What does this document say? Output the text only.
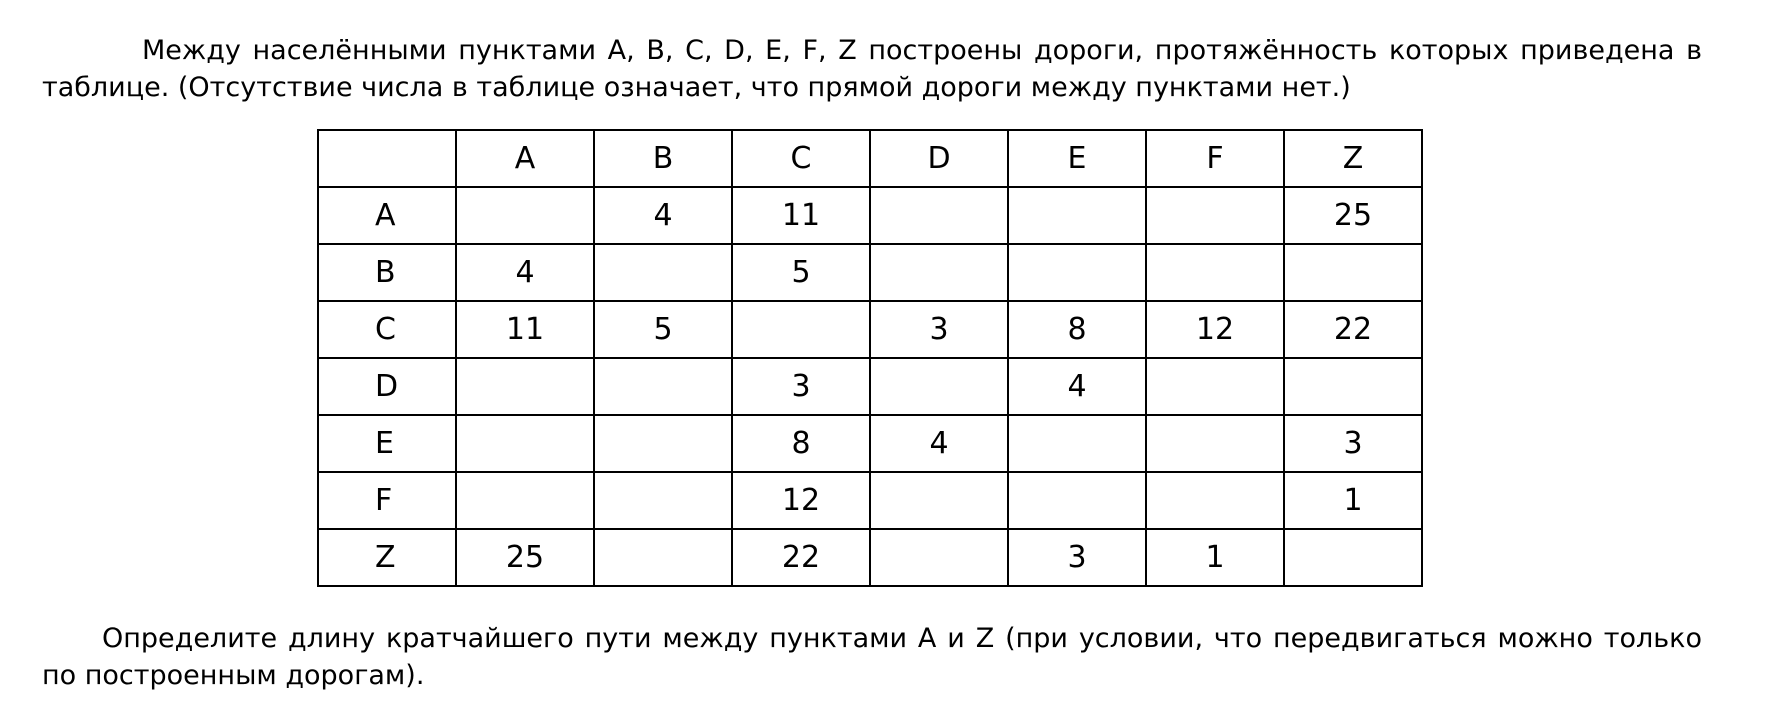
Между населёнными пунктами A, B, C, D, E, F, Z построены дороги, протяжённость которых приведена в таблице. (Отсутствие числа в таблице означает, что прямой дороги между пунктами нет.)

	A	B	C	D	E	F	Z
A		4	11				25
B	4		5				
C	11	5		3	8	12	22
D			3		4		
E			8	4			3
F			12				1
Z	25		22		3	1	

Определите длину кратчайшего пути между пунктами A и Z (при условии, что передвигаться можно только по построенным дорогам).
